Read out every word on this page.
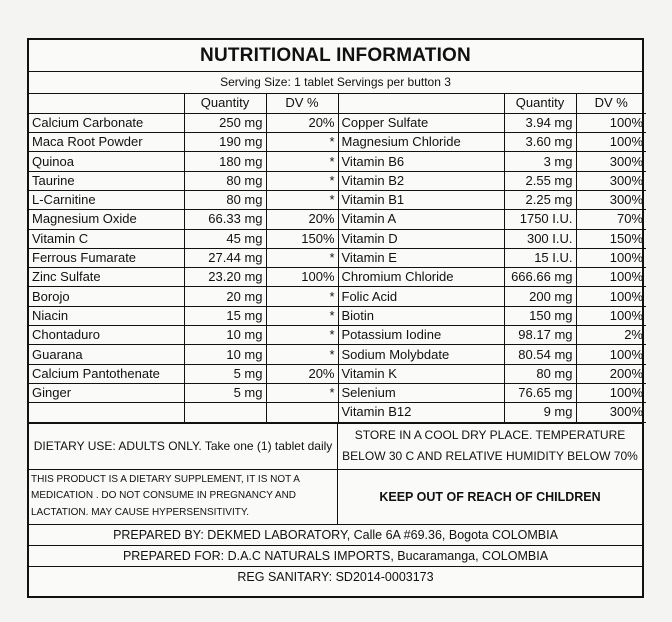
NUTRITIONAL INFORMATION
Serving Size: 1 tablet Servings per button 3
	Quantity	DV %		Quantity	DV %
Calcium Carbonate	250 mg	20%	Copper Sulfate	3.94 mg	100%
Maca Root Powder	190 mg	*	Magnesium Chloride	3.60 mg	100%
Quinoa	180 mg	*	Vitamin B6	3 mg	300%
Taurine	80 mg	*	Vitamin B2	2.55 mg	300%
L-Carnitine	80 mg	*	Vitamin B1	2.25 mg	300%
Magnesium Oxide	66.33 mg	20%	Vitamin A	1750 I.U.	70%
Vitamin C	45 mg	150%	Vitamin D	300 I.U.	150%
Ferrous Fumarate	27.44 mg	*	Vitamin E	15 I.U.	100%
Zinc Sulfate	23.20 mg	100%	Chromium Chloride	666.66 mg	100%
Borojo	20 mg	*	Folic Acid	200 mg	100%
Niacin	15 mg	*	Biotin	150 mg	100%
Chontaduro	10 mg	*	Potassium Iodine	98.17 mg	2%
Guarana	10 mg	*	Sodium Molybdate	80.54 mg	100%
Calcium Pantothenate	5 mg	20%	Vitamin K	80 mg	200%
Ginger	5 mg	*	Selenium	76.65 mg	100%
			Vitamin B12	9 mg	300%
DIETARY USE: ADULTS ONLY. Take one (1) tablet daily
STORE IN A COOL DRY PLACE. TEMPERATURE
BELOW 30 C AND RELATIVE HUMIDITY BELOW 70%
THIS PRODUCT IS A DIETARY SUPPLEMENT, IT IS NOT A
MEDICATION . DO NOT CONSUME IN PREGNANCY AND
LACTATION. MAY CAUSE HYPERSENSITIVITY.
KEEP OUT OF REACH OF CHILDREN
PREPARED BY: DEKMED LABORATORY, Calle 6A #69.36, Bogota COLOMBIA
PREPARED FOR: D.A.C NATURALS IMPORTS, Bucaramanga, COLOMBIA
REG SANITARY: SD2014-0003173
